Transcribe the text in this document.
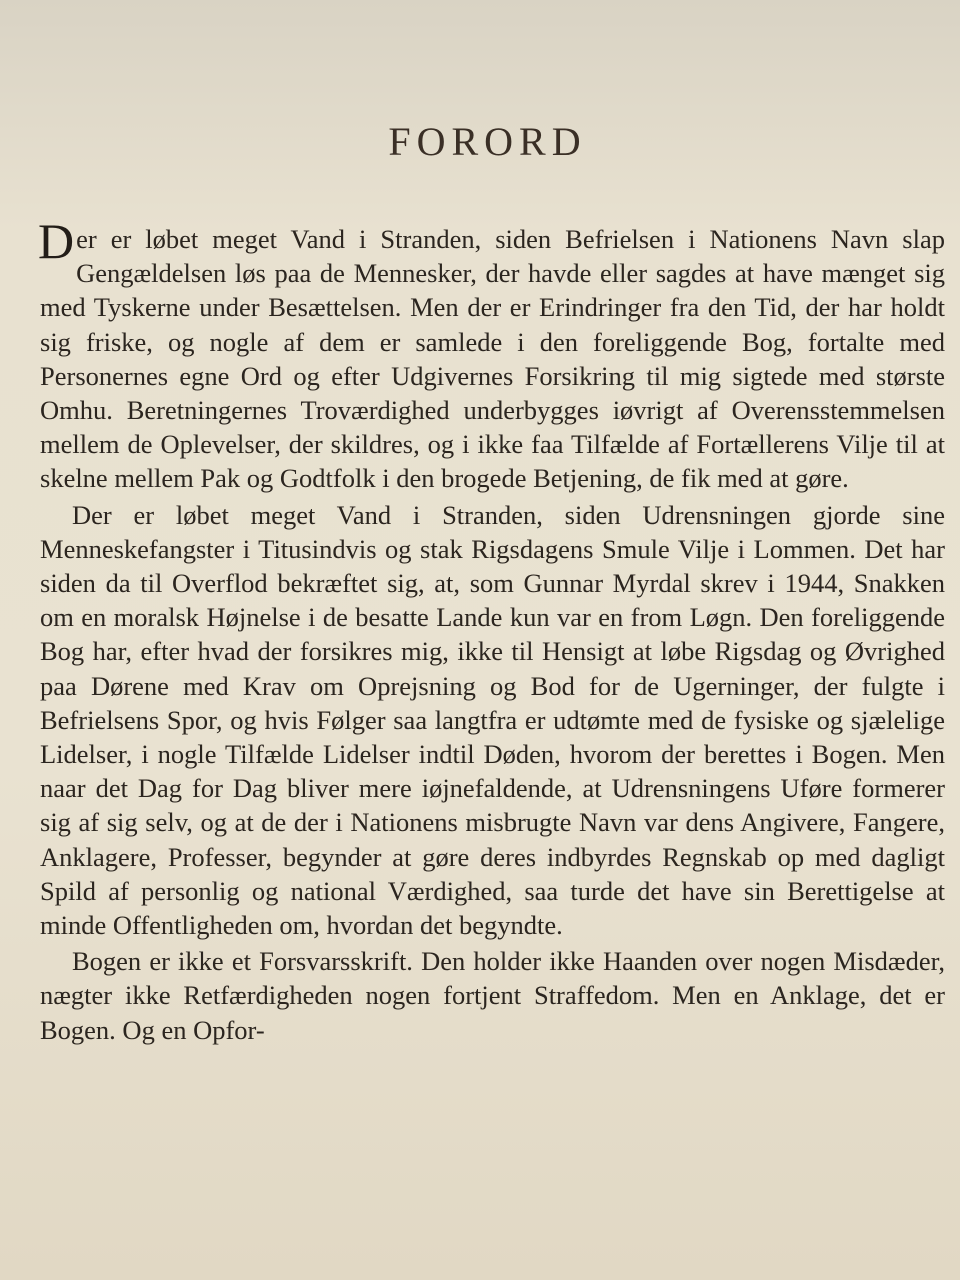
FORORD

Der er løbet meget Vand i Stranden, siden Befrielsen i Nationens Navn slap Gengældelsen løs paa de Mennesker, der havde eller sagdes at have mænget sig med Tyskerne under Besættelsen. Men der er Erindringer fra den Tid, der har holdt sig friske, og nogle af dem er samlede i den foreliggende Bog, fortalte med Personernes egne Ord og efter Udgivernes Forsikring til mig sigtede med største Omhu. Beretningernes Troværdighed underbygges iøvrigt af Overensstemmelsen mellem de Oplevelser, der skildres, og i ikke faa Tilfælde af Fortællerens Vilje til at skelne mellem Pak og Godtfolk i den brogede Betjening, de fik med at gøre.

Der er løbet meget Vand i Stranden, siden Udrensningen gjorde sine Menneskefangster i Titusindvis og stak Rigsdagens Smule Vilje i Lommen. Det har siden da til Overflod bekræftet sig, at, som Gunnar Myrdal skrev i 1944, Snakken om en moralsk Højnelse i de besatte Lande kun var en from Løgn. Den foreliggende Bog har, efter hvad der forsikres mig, ikke til Hensigt at løbe Rigsdag og Øvrighed paa Dørene med Krav om Oprejsning og Bod for de Ugerninger, der fulgte i Befrielsens Spor, og hvis Følger saa langtfra er udtømte med de fysiske og sjælelige Lidelser, i nogle Tilfælde Lidelser indtil Døden, hvorom der berettes i Bogen. Men naar det Dag for Dag bliver mere iøjnefaldende, at Udrensningens Uføre formerer sig af sig selv, og at de der i Nationens misbrugte Navn var dens Angivere, Fangere, Anklagere, Professer, begynder at gøre deres indbyrdes Regnskab op med dagligt Spild af personlig og national Værdighed, saa turde det have sin Berettigelse at minde Offentligheden om, hvordan det begyndte.

Bogen er ikke et Forsvarsskrift. Den holder ikke Haanden over nogen Misdæder, nægter ikke Retfærdigheden nogen fortjent Straffedom. Men en Anklage, det er Bogen. Og en Opfor-
